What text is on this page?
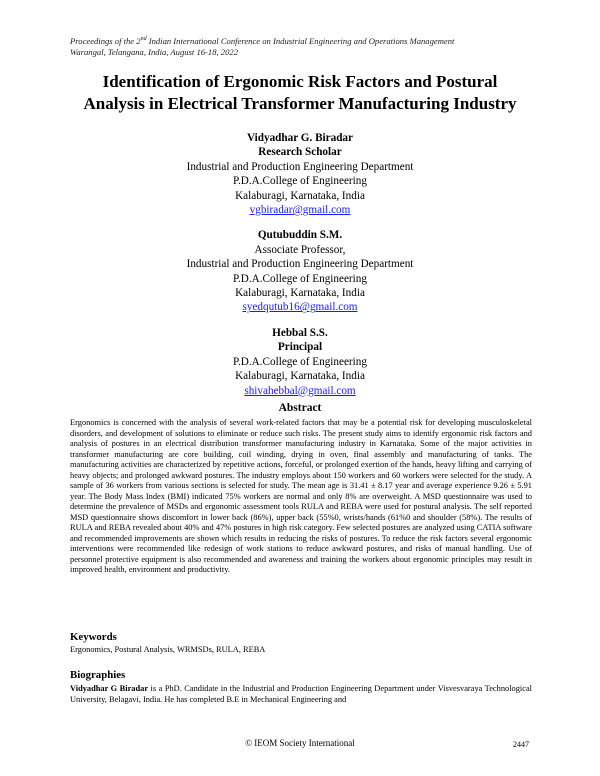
Proceedings of the 2nd Indian International Conference on Industrial Engineering and Operations Management
Warangal, Telangana, India, August 16-18, 2022
Identification of Ergonomic Risk Factors and Postural
Analysis in Electrical Transformer Manufacturing Industry
Vidyadhar G. Biradar
Research Scholar
Industrial and Production Engineering Department
P.D.A.College of Engineering
Kalaburagi, Karnataka, India
vgbiradar@gmail.com
Qutubuddin S.M.
Associate Professor,
Industrial and Production Engineering Department
P.D.A.College of Engineering
Kalaburagi, Karnataka, India
syedqutub16@gmail.com
Hebbal S.S.
Principal
P.D.A.College of Engineering
Kalaburagi, Karnataka, India
shivahebbal@gmail.com
Abstract

Ergonomics is concerned with the analysis of several work-related factors that may be a potential risk for developing musculoskeletal disorders, and development of solutions to eliminate or reduce such risks. The present study aims to identify ergonomic risk factors and analysis of postures in an electrical distribution transformer manufacturing industry in Karnataka. Some of the major activities in transformer manufacturing are core building, coil winding, drying in oven, final assembly and manufacturing of tanks. The manufacturing activities are characterized by repetitive actions, forceful, or prolonged exertion of the hands, heavy lifting and carrying of heavy objects; and prolonged awkward postures. The industry employs about 150 workers and 60 workers were selected for the study. A sample of 36 workers from various sections is selected for study. The mean age is 31.41 ± 8.17 year and average experience 9.26 ± 5.91 year. The Body Mass Index (BMI) indicated 75% workers are normal and only 8% are overweight. A MSD questionnaire was used to determine the prevalence of MSDs and ergonomic assessment tools RULA and REBA were used for postural analysis. The self reported MSD questionnaire shows discomfort in lower back (86%), upper back (55%0, wrists/hands (61%0 and shoulder (58%). The results of RULA and REBA revealed about 40% and 47% postures in high risk category. Few selected postures are analyzed using CATIA software and recommended improvements are shown which results in reducing the risks of postures. To reduce the risk factors several ergonomic interventions were recommended like redesign of work stations to reduce awkward postures, and risks of manual handling. Use of personnel protective equipment is also recommended and awareness and training the workers about ergonomic principles may result in improved health, environment and productivity.

Keywords
Ergonomics, Postural Analysis, WRMSDs, RULA, REBA
Biographies

Vidyadhar G Biradar is a PhD. Candidate in the Industrial and Production Engineering Department under Visvesvaraya Technological University, Belagavi, India. He has completed B.E in Mechanical Engineering and

© IEOM Society International	2447
